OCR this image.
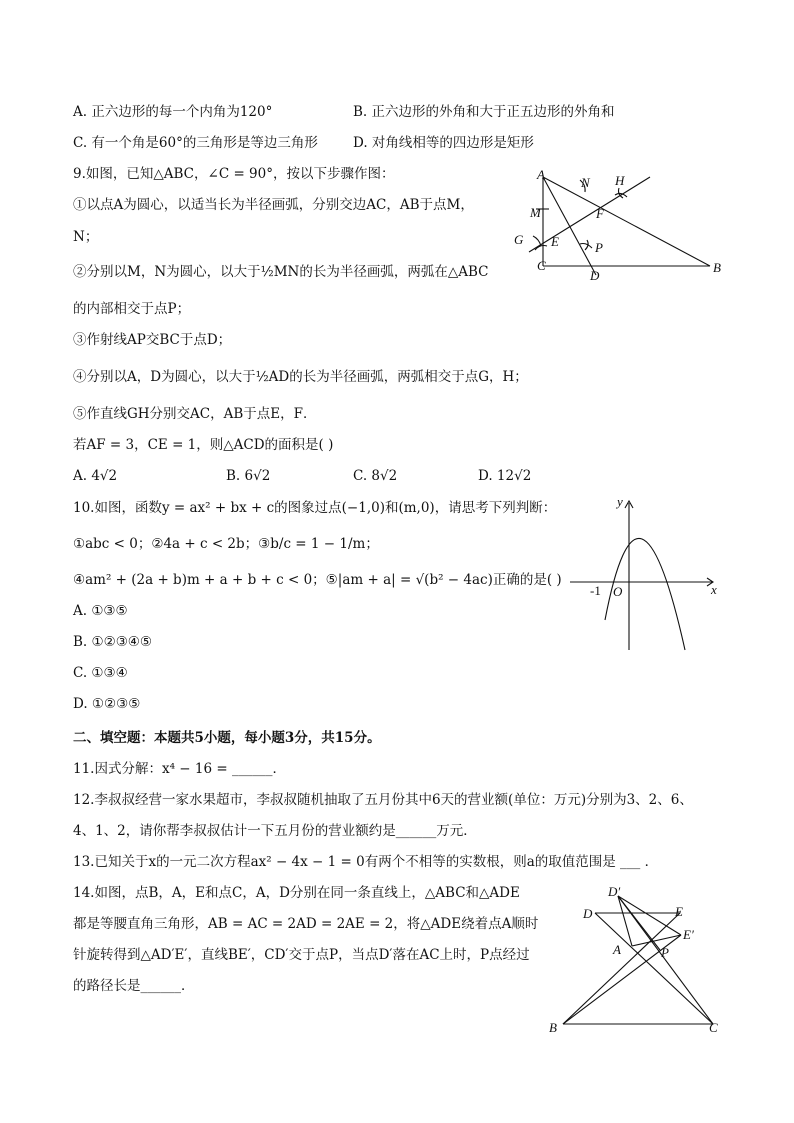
A. 正六边形的每一个内角为120°	B. 正六边形的外角和大于正五边形的外角和
C. 有一个角是60°的三角形是等边三角形	D. 对角线相等的四边形是矩形
9.如图，已知△ABC，∠C = 90°，按以下步骤作图：
①以点A为圆心，以适当长为半径画弧，分别交边AC，AB于点M，
N；
②分别以M，N为圆心，以大于½MN的长为半径画弧，两弧在△ABC
的内部相交于点P；
③作射线AP交BC于点D；
④分别以A，D为圆心，以大于½AD的长为半径画弧，两弧相交于点G，H；
⑤作直线GH分别交AC，AB于点E，F．
若AF = 3，CE = 1，则△ACD的面积是( )
A. 4√2	B. 6√2	C. 8√2	D. 12√2
A
B
C
D
E
F
G
H
M
N
P
10.如图，函数y = ax² + bx + c的图象过点(−1,0)和(m,0)，请思考下列判断：
①abc < 0；②4a + c < 2b；③b/c = 1 − 1/m；
④am² + (2a + b)m + a + b + c < 0；⑤|am + a| = √(b² − 4ac)正确的是( )
A. ①③⑤
B. ①②③④⑤
C. ①③④
D. ①②③⑤
x
y
-1 O
二、填空题：本题共5小题，每小题3分，共15分。
11.因式分解：x⁴ − 16 = ______．
12.李叔叔经营一家水果超市，李叔叔随机抽取了五月份其中6天的营业额(单位：万元)分别为3、2、6、
4、1、2，请你帮李叔叔估计一下五月份的营业额约是______万元．
13.已知关于x的一元二次方程ax² − 4x − 1 = 0有两个不相等的实数根，则a的取值范围是 ___ ．
14.如图，点B，A，E和点C，A，D分别在同一条直线上，△ABC和△ADE
都是等腰直角三角形，AB = AC = 2AD = 2AE = 2，将△ADE绕着点A顺时
针旋转得到△AD′E′，直线BE′，CD′交于点P，当点D′落在AC上时，P点经过
的路径长是______．
D′
D	E
E′
A	P
B	C
